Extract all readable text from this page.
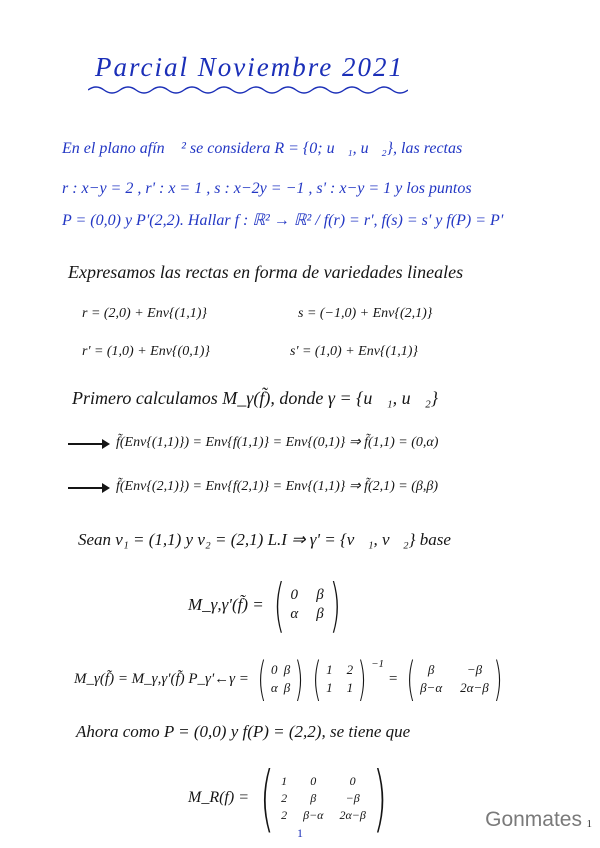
Parcial Noviembre 2021
En el plano afín ℝ² se considera R = {0; u⃗₁, u⃗₂}, las rectas
r : x−y = 2 , r' : x = 1 , s : x−2y = −1 , s' : x−y = 1 y los puntos
P = (0,0) y P'(2,2). Hallar f : ℝ² → ℝ² / f(r) = r', f(s) = s' y f(P) = P'
Expresamos las rectas en forma de variedades lineales
r = (2,0) + Env{(1,1)}	s = (−1,0) + Env{(2,1)}
r' = (1,0) + Env{(0,1)}	s' = (1,0) + Env{(1,1)}
Primero calculamos M_γ(f̃), donde γ = {u⃗₁, u⃗₂}
f̃(Env{(1,1)}) = Env{f(1,1)} = Env{(0,1)} ⇒ f̃(1,1) = (0,α)
f̃(Env{(2,1)}) = Env{f(2,1)} = Env{(1,1)} ⇒ f̃(2,1) = (β,β)
Sean v₁ = (1,1) y v₂ = (2,1) L.I ⇒ γ' = {v⃗₁, v⃗₂} base
M_γ,γ'(f̃) = ( 0 β
α β )
M_γ(f̃) = M_γ,γ'(f̃) P_γ'←γ = ( 0 β
α β ) ( 1 2
1 1 ) −1
= ( β	−β
β−α 2α−β )
Ahora como P = (0,0) y f(P) = (2,2), se tiene que
M_R(f) = ( 1	0	0
2	β	−β
2 β−α 2α−β )
1
Gonmates 1
